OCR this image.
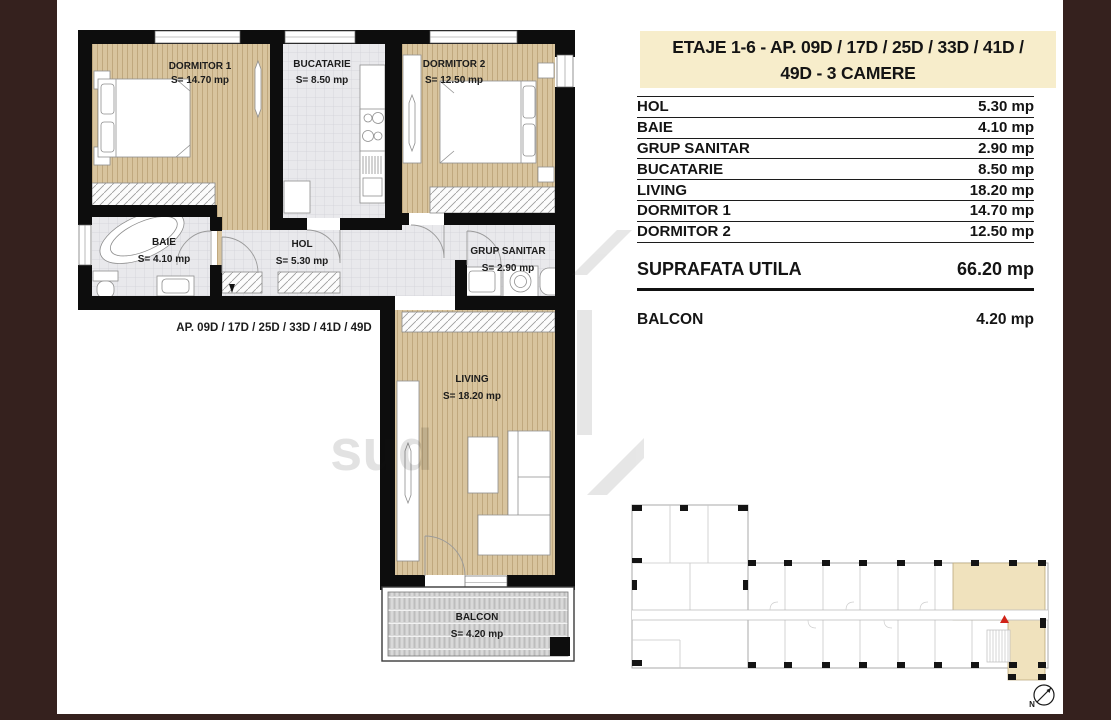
sud
DORMITOR 1
S= 14.70 mp
BUCATARIE
S= 8.50 mp
DORMITOR 2
S= 12.50 mp
BAIE
S= 4.10 mp
HOL
S= 5.30 mp
GRUP SANITAR
S= 2.90 mp
LIVING
S= 18.20 mp
BALCON
S= 4.20 mp
AP. 09D / 17D / 25D / 33D / 41D / 49D
ETAJE 1-6 - AP. 09D / 17D / 25D / 33D / 41D /
49D - 3 CAMERE
HOL	5.30 mp
BAIE	4.10 mp
GRUP SANITAR	2.90 mp
BUCATARIE	8.50 mp
LIVING	18.20 mp
DORMITOR 1	14.70 mp
DORMITOR 2	12.50 mp
SUPRAFATA UTILA	66.20 mp
BALCON	4.20 mp
N
